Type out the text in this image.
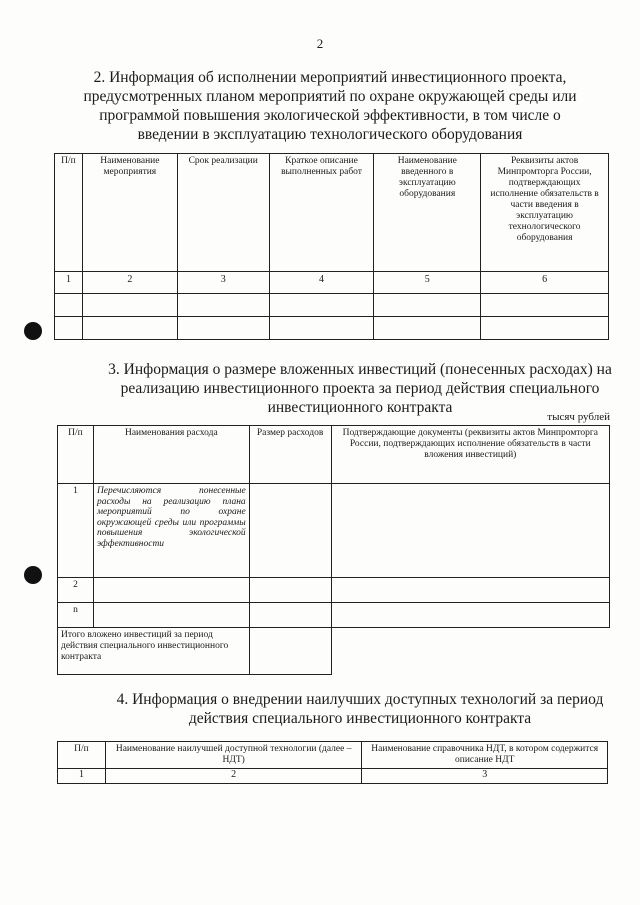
2
2. Информация об исполнении мероприятий инвестиционного проекта,
предусмотренных планом мероприятий по охране окружающей среды или
программой повышения экологической эффективности, в том числе о
введении в эксплуатацию технологического оборудования
П/п	Наименование мероприятия	Срок реализации	Краткое описание выполненных работ	Наименование введенного в эксплуатацию оборудования	Реквизиты актов Минпромторга России, подтверждающих исполнение обязательств в части введения в эксплуатацию технологического оборудования
1	2	3	4	5	6

3. Информация о размере вложенных инвестиций (понесенных расходах) на
реализацию инвестиционного проекта за период действия специального
инвестиционного контракта
тысяч рублей
П/п	Наименования расхода	Размер расходов	Подтверждающие документы (реквизиты актов Минпромторга России, подтверждающих исполнение обязательств в части вложения инвестиций)
1	Перечисляются понесенные расходы на реализацию плана мероприятий по охране окружающей среды или программы повышения экологической эффективности		
2			
n			
Итого вложено инвестиций за период действия специального инвестиционного контракта			
4. Информация о внедрении наилучших доступных технологий за период
действия специального инвестиционного контракта
П/п	Наименование наилучшей доступной технологии (далее – НДТ)	Наименование справочника НДТ, в котором содержится описание НДТ
1	2	3
